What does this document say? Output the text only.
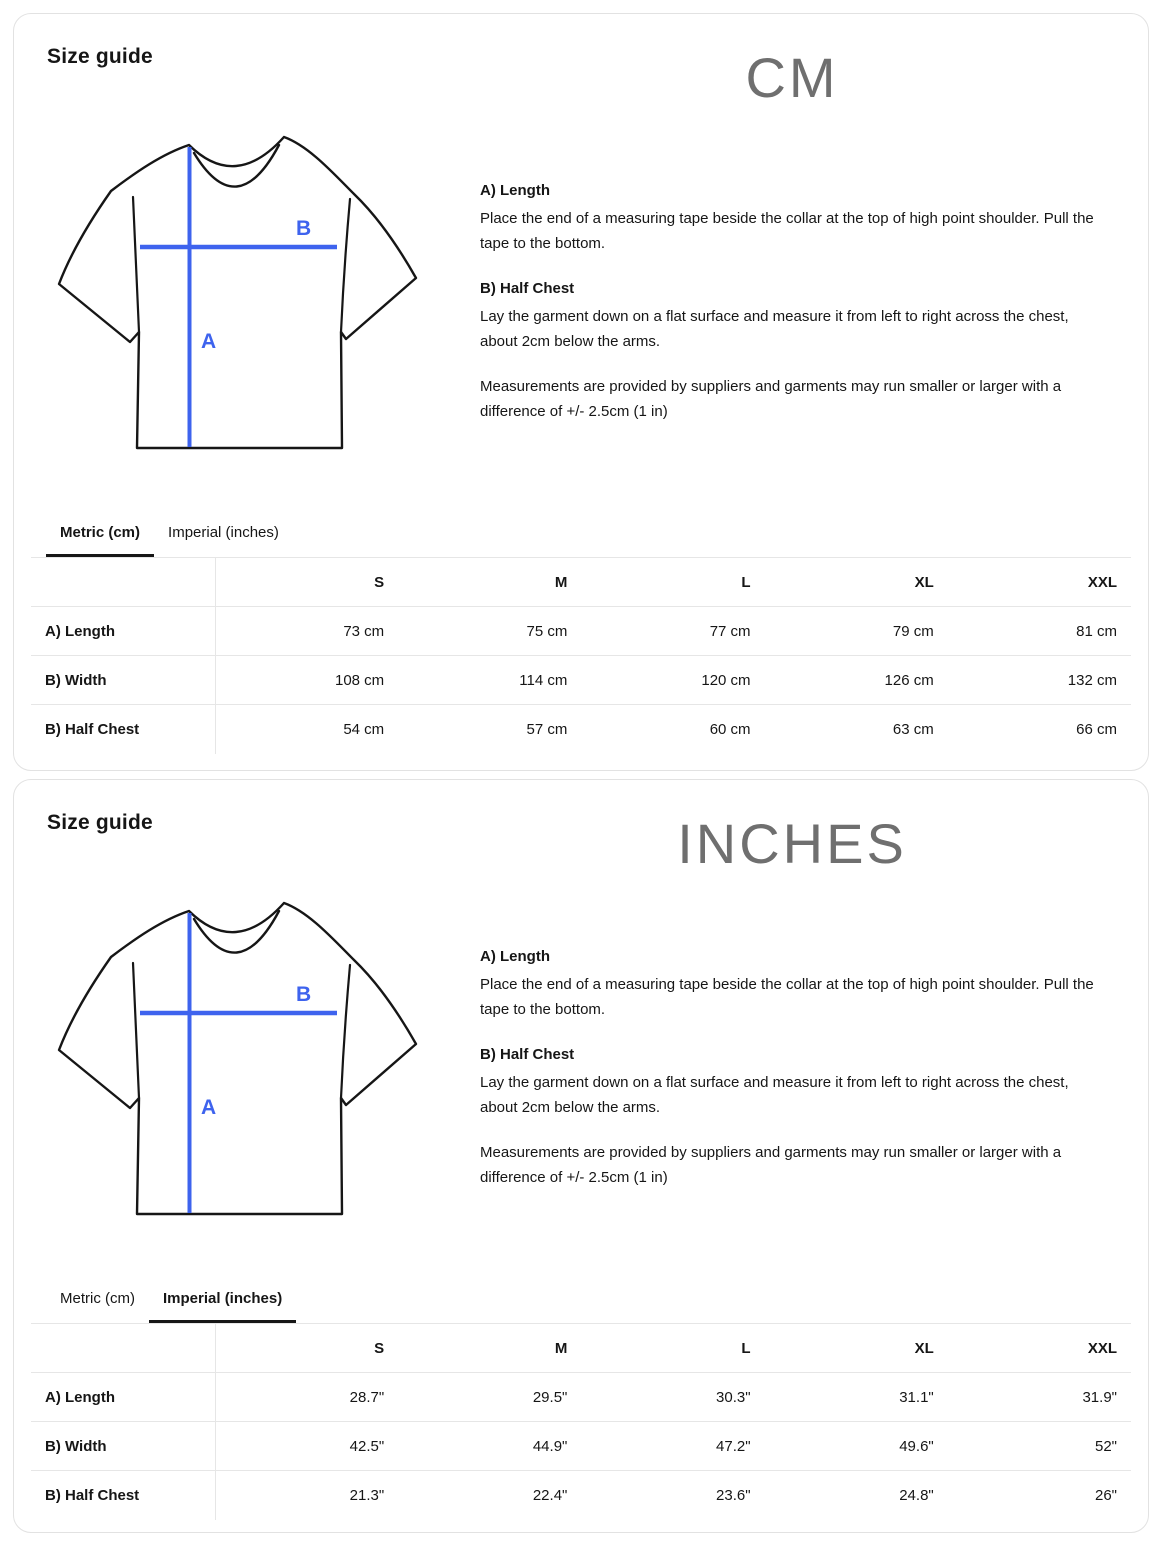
Size guide	CM
A
B

A) Length

Place the end of a measuring tape beside the collar at the top of high point shoulder. Pull the tape to the bottom.

B) Half Chest

Lay the garment down on a flat surface and measure it from left to right across the chest, about 2cm below the arms.

Measurements are provided by suppliers and garments may run smaller or larger with a difference of +/- 2.5cm (1 in)

Metric (cm)	Imperial (inches)
	S	M	L	XL	XXL
A) Length	73 cm	75 cm	77 cm	79 cm	81 cm
B) Width	108 cm	114 cm	120 cm	126 cm	132 cm
B) Half Chest	54 cm	57 cm	60 cm	63 cm	66 cm
Size guide	INCHES
A
B

A) Length

Place the end of a measuring tape beside the collar at the top of high point shoulder. Pull the tape to the bottom.

B) Half Chest

Lay the garment down on a flat surface and measure it from left to right across the chest, about 2cm below the arms.

Measurements are provided by suppliers and garments may run smaller or larger with a difference of +/- 2.5cm (1 in)

Metric (cm)	Imperial (inches)
	S	M	L	XL	XXL
A) Length	28.7"	29.5"	30.3"	31.1"	31.9"
B) Width	42.5"	44.9"	47.2"	49.6"	52"
B) Half Chest	21.3"	22.4"	23.6"	24.8"	26"
